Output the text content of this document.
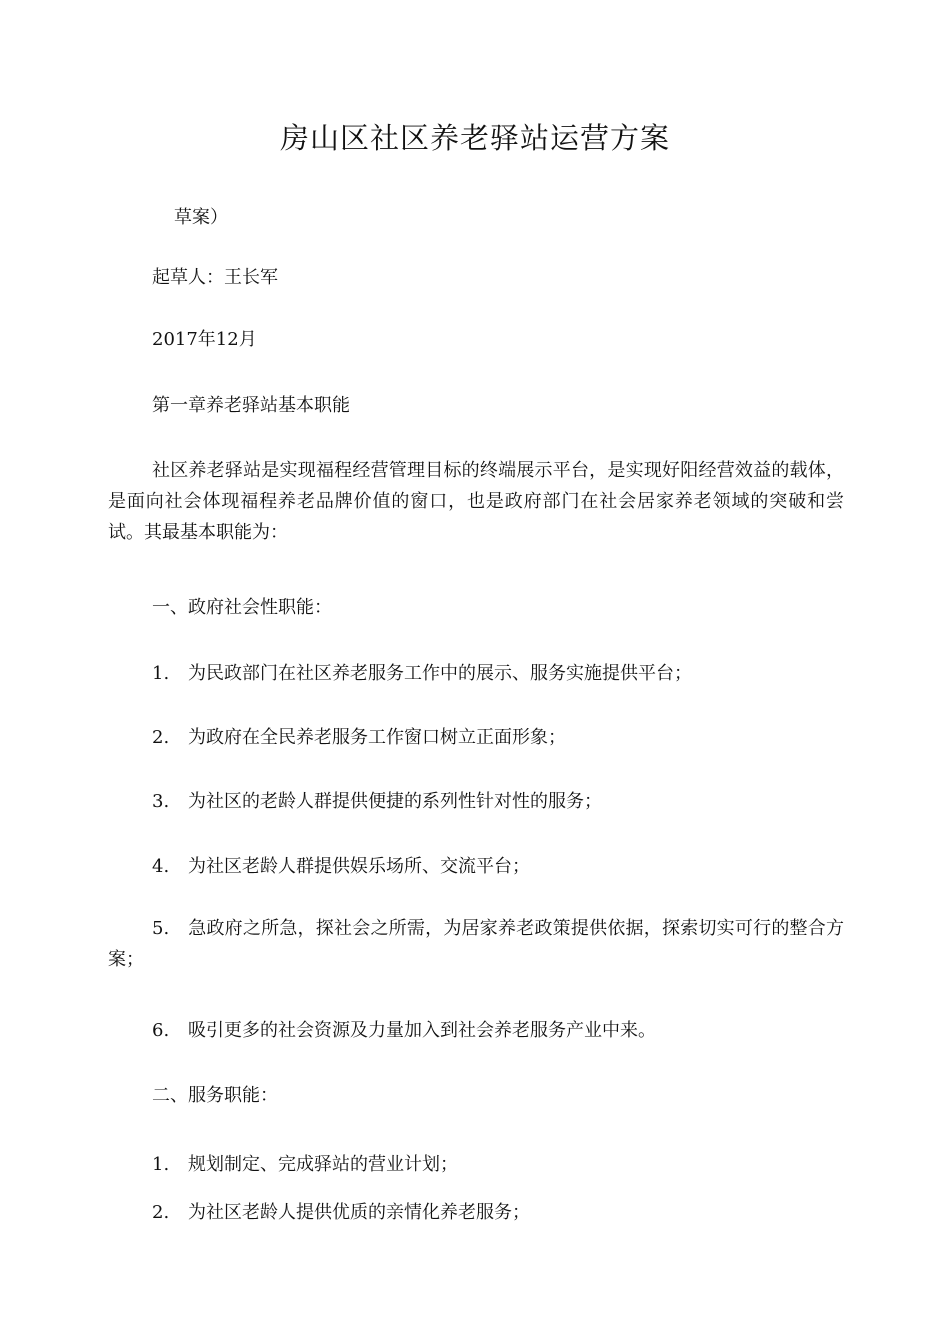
房山区社区养老驿站运营方案
草案）
起草人：王长军
2017年12月
第一章养老驿站基本职能
社区养老驿站是实现福程经营管理目标的终端展示平台，是实现好阳经营效益的载体，是面向社会体现福程养老品牌价值的窗口，也是政府部门在社会居家养老领域的突破和尝试。其最基本职能为：
一、政府社会性职能：
1. 为民政部门在社区养老服务工作中的展示、服务实施提供平台；
2. 为政府在全民养老服务工作窗口树立正面形象；
3. 为社区的老龄人群提供便捷的系列性针对性的服务；
4. 为社区老龄人群提供娱乐场所、交流平台；
5. 急政府之所急，探社会之所需，为居家养老政策提供依据，探索切实可行的整合方案；
6. 吸引更多的社会资源及力量加入到社会养老服务产业中来。
二、服务职能：
1. 规划制定、完成驿站的营业计划；
2. 为社区老龄人提供优质的亲情化养老服务；
